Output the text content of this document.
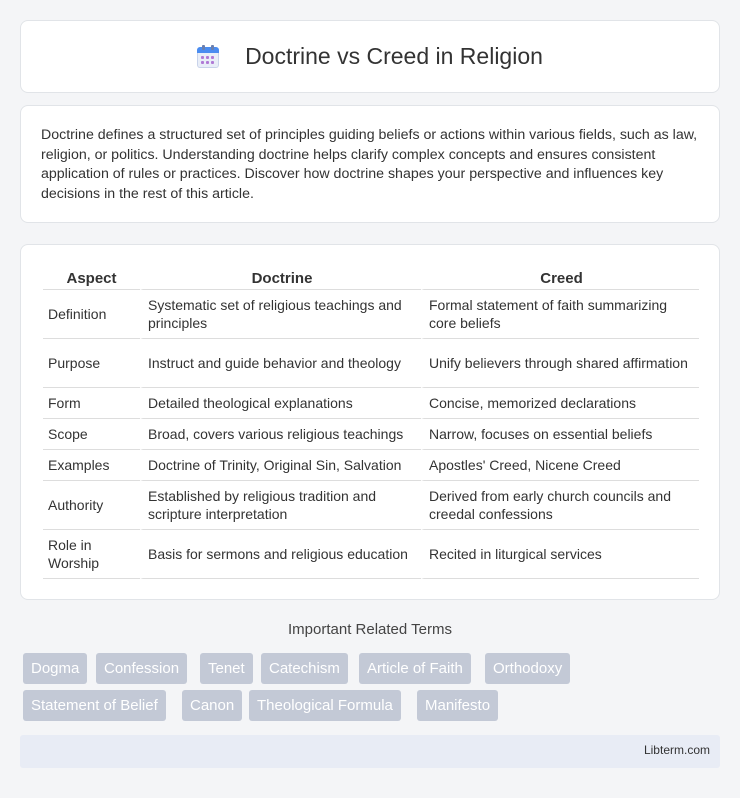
Doctrine vs Creed in Religion

Doctrine defines a structured set of principles guiding beliefs or actions within various fields, such as law, religion, or politics. Understanding doctrine helps clarify complex concepts and ensures consistent application of rules or practices. Discover how doctrine shapes your perspective and influences key decisions in the rest of this article.

Aspect	Doctrine	Creed
Definition	Systematic set of religious teachings and principles	Formal statement of faith summarizing core beliefs
Purpose	Instruct and guide behavior and theology	Unify believers through shared affirmation
Form	Detailed theological explanations	Concise, memorized declarations
Scope	Broad, covers various religious teachings	Narrow, focuses on essential beliefs
Examples	Doctrine of Trinity, Original Sin, Salvation	Apostles' Creed, Nicene Creed
Authority	Established by religious tradition and scripture interpretation	Derived from early church councils and creedal confessions
Role in Worship	Basis for sermons and religious education	Recited in liturgical services
Important Related Terms
Dogma	Confession	Tenet	Catechism	Article of Faith	Orthodoxy
Statement of Belief	Canon	Theological Formula	Manifesto
Libterm.com
